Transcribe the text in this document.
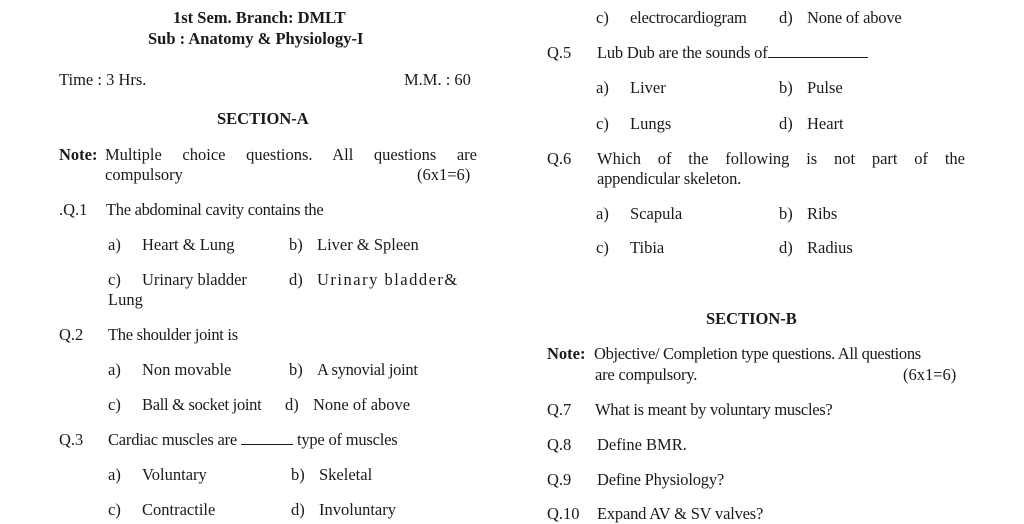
1st Sem. Branch: DMLT
Sub : Anatomy & Physiology-I
Time : 3 Hrs.	M.M. : 60
SECTION-A
Note: Multiple choice questions. All questions are
compulsory	(6x1=6)
.Q.1 The abdominal cavity contains the
a) Heart & Lung	b) Liver & Spleen
c) Urinary bladder	d) Urinary bladder&
Lung
Q.2 The shoulder joint is
a) Non movable	b) A synovial joint
c) Ball & socket joint d) None of above
Q.3 Cardiac muscles are	type of muscles
a) Voluntary	b) Skeletal
c) Contractile	d) Involuntary
c) electrocardiogram d) None of above
Q.5 Lub Dub are the sounds of
a) Liver	b) Pulse
c) Lungs	d) Heart
Q.6 Which of the following is not part of the
appendicular skeleton.
a) Scapula	b) Ribs
c) Tibia	d) Radius
SECTION-B
Note: Objective/ Completion type questions. All questions
are compulsory.	(6x1=6)
Q.7 What is meant by voluntary muscles?
Q.8 Define BMR.
Q.9 Define Physiology?
Q.10 Expand AV & SV valves?
